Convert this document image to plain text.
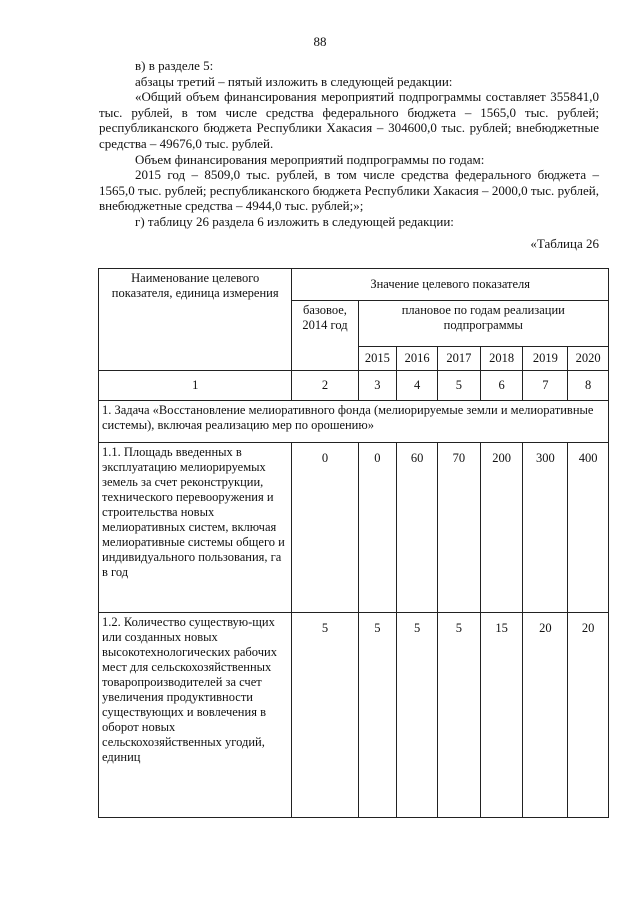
88

в) в разделе 5:

абзацы третий – пятый изложить в следующей редакции:

«Общий объем финансирования мероприятий подпрограммы составляет 355841,0 тыс. рублей, в том числе средства федерального бюджета – 1565,0 тыс. рублей; республиканского бюджета Республики Хакасия – 304600,0 тыс. рублей; внебюджетные средства – 49676,0 тыс. рублей.

Объем финансирования мероприятий подпрограммы по годам:

2015 год – 8509,0 тыс. рублей, в том числе средства федерального бюджета – 1565,0 тыс. рублей; республиканского бюджета Республики Хакасия – 2000,0 тыс. рублей, внебюджетные средства – 4944,0 тыс. рублей;»;

г) таблицу 26 раздела 6 изложить в следующей редакции:

«Таблица 26

Наименование целевого показателя, единица измерения	Значение целевого показателя						
	базовое, 2014 год	плановое по годам реализации подпрограммы					
		2015	2016	2017	2018	2019	2020
1	2	3	4	5	6	7	8
1. Задача «Восстановление мелиоративного фонда (мелиорируемые земли и мелиоративные системы), включая реализацию мер по орошению»							
1.1. Площадь введенных в эксплуатацию мелиорируемых земель за счет реконструкции, технического перевооружения и строительства новых мелиоративных систем, включая мелиоративные системы общего и индивидуального пользования, га в год	0	0	60	70	200	300	400
1.2. Количество существую-щих или созданных новых высокотехнологических рабочих мест для сельскохозяйственных товаропроизводителей за счет увеличения продуктивности существующих и вовлечения в оборот новых сельскохозяйственных угодий, единиц	5	5	5	5	15	20	20
